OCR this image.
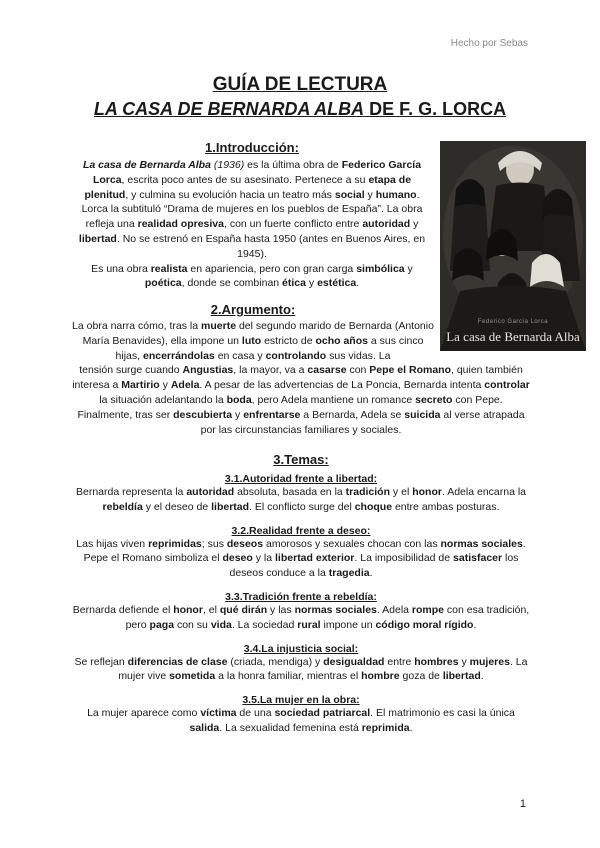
Hecho por Sebas
GUÍA DE LECTURA
LA CASA DE BERNARDA ALBA DE F. G. LORCA
1.Introducción:

La casa de Bernarda Alba (1936) es la última obra de Federico García Lorca, escrita poco antes de su asesinato. Pertenece a su etapa de plenitud, y culmina su evolución hacia un teatro más social y humano. Lorca la subtituló “Drama de mujeres en los pueblos de España”. La obra refleja una realidad opresiva, con un fuerte conflicto entre autoridad y libertad. No se estrenó en España hasta 1950 (antes en Buenos Aires, en 1945).

Es una obra realista en apariencia, pero con gran carga simbólica y poética, donde se combinan ética y estética.

Federico García Lorca
La casa de Bernarda Alba
2.Argumento:

La obra narra cómo, tras la muerte del segundo marido de Bernarda (Antonio María Benavides), ella impone un luto estricto de ocho años a sus cinco hijas, encerrándolas en casa y controlando sus vidas. La

tensión surge cuando Angustias, la mayor, va a casarse con Pepe el Romano, quien también interesa a Martirio y Adela. A pesar de las advertencias de La Poncia, Bernarda intenta controlar la situación adelantando la boda, pero Adela mantiene un romance secreto con Pepe. Finalmente, tras ser descubierta y enfrentarse a Bernarda, Adela se suicida al verse atrapada por las circunstancias familiares y sociales.

3.Temas:
3.1.Autoridad frente a libertad:

Bernarda representa la autoridad absoluta, basada en la tradición y el honor. Adela encarna la rebeldía y el deseo de libertad. El conflicto surge del choque entre ambas posturas.

3.2.Realidad frente a deseo:

Las hijas viven reprimidas; sus deseos amorosos y sexuales chocan con las normas sociales. Pepe el Romano simboliza el deseo y la libertad exterior. La imposibilidad de satisfacer los deseos conduce a la tragedia.

3.3.Tradición frente a rebeldía:

Bernarda defiende el honor, el qué dirán y las normas sociales. Adela rompe con esa tradición, pero paga con su vida. La sociedad rural impone un código moral rígido.

3.4.La injusticia social:

Se reflejan diferencias de clase (criada, mendiga) y desigualdad entre hombres y mujeres. La mujer vive sometida a la honra familiar, mientras el hombre goza de libertad.

3.5.La mujer en la obra:

La mujer aparece como víctima de una sociedad patriarcal. El matrimonio es casi la única salida. La sexualidad femenina está reprimida.

1
